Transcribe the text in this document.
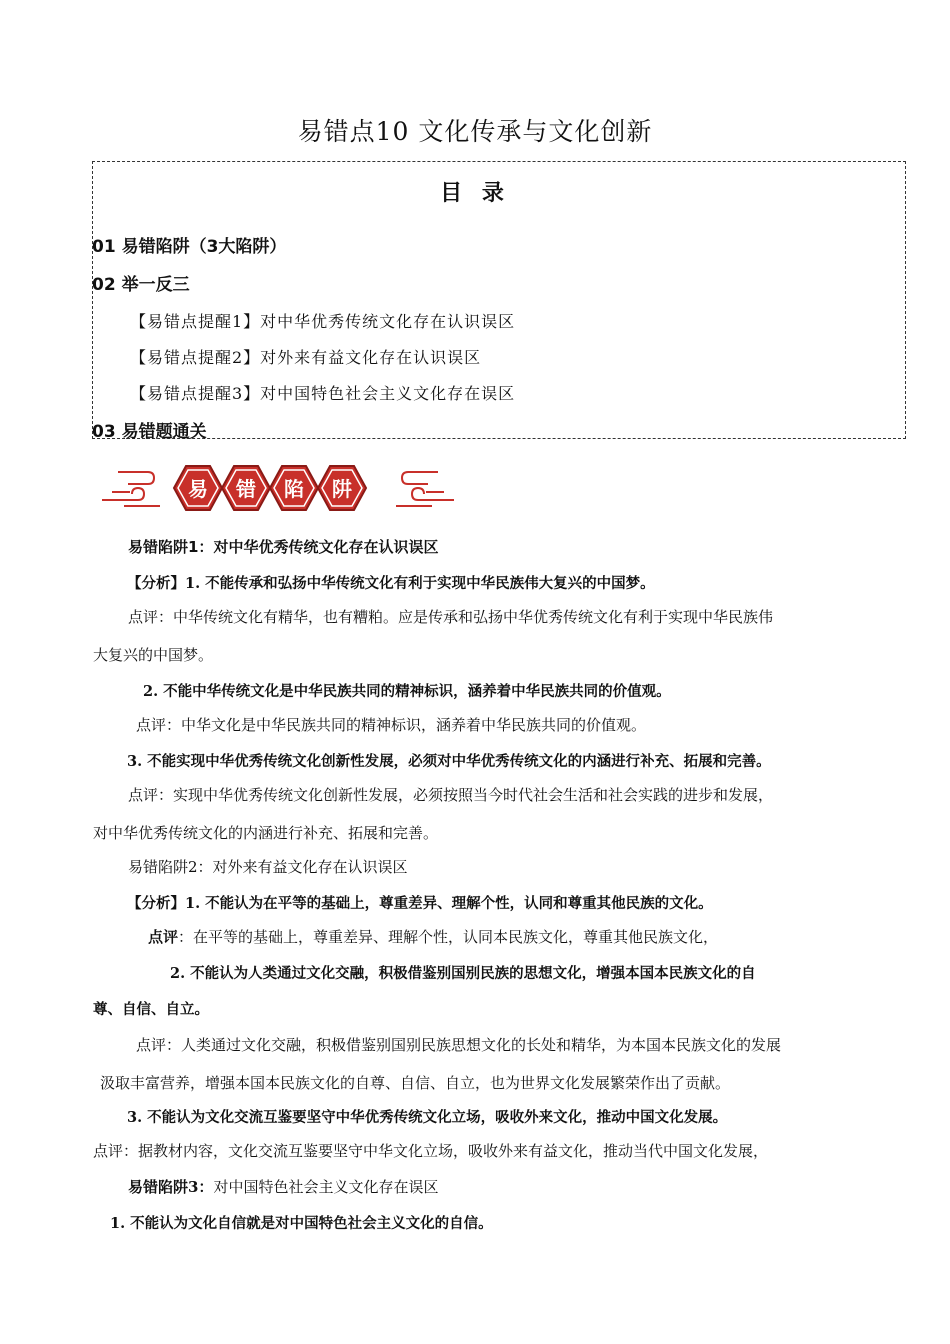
易错点10 文化传承与文化创新
目 录
01 易错陷阱（3大陷阱）
02 举一反三
【易错点提醒1】对中华优秀传统文化存在认识误区
【易错点提醒2】对外来有益文化存在认识误区
【易错点提醒3】对中国特色社会主义文化存在误区
03 易错题通关
易 错 陷 阱
易错陷阱1：对中华优秀传统文化存在认识误区
【分析】1. 不能传承和弘扬中华传统文化有利于实现中华民族伟大复兴的中国梦。
点评：中华传统文化有精华，也有糟粕。应是传承和弘扬中华优秀传统文化有利于实现中华民族伟
大复兴的中国梦。
2. 不能中华传统文化是中华民族共同的精神标识，涵养着中华民族共同的价值观。
点评：中华文化是中华民族共同的精神标识，涵养着中华民族共同的价值观。
3. 不能实现中华优秀传统文化创新性发展，必须对中华优秀传统文化的内涵进行补充、拓展和完善。
点评：实现中华优秀传统文化创新性发展，必须按照当今时代社会生活和社会实践的进步和发展，
对中华优秀传统文化的内涵进行补充、拓展和完善。
易错陷阱2：对外来有益文化存在认识误区
【分析】1. 不能认为在平等的基础上，尊重差异、理解个性，认同和尊重其他民族的文化。
点评：在平等的基础上，尊重差异、理解个性，认同本民族文化，尊重其他民族文化，
2. 不能认为人类通过文化交融，积极借鉴别国别民族的思想文化，增强本国本民族文化的自
尊、自信、自立。
点评：人类通过文化交融，积极借鉴别国别民族思想文化的长处和精华，为本国本民族文化的发展
汲取丰富营养，增强本国本民族文化的自尊、自信、自立，也为世界文化发展繁荣作出了贡献。
3. 不能认为文化交流互鉴要坚守中华优秀传统文化立场，吸收外来文化，推动中国文化发展。
点评：据教材内容，文化交流互鉴要坚守中华文化立场，吸收外来有益文化，推动当代中国文化发展，
易错陷阱3：对中国特色社会主义文化存在误区
1. 不能认为文化自信就是对中国特色社会主义文化的自信。
